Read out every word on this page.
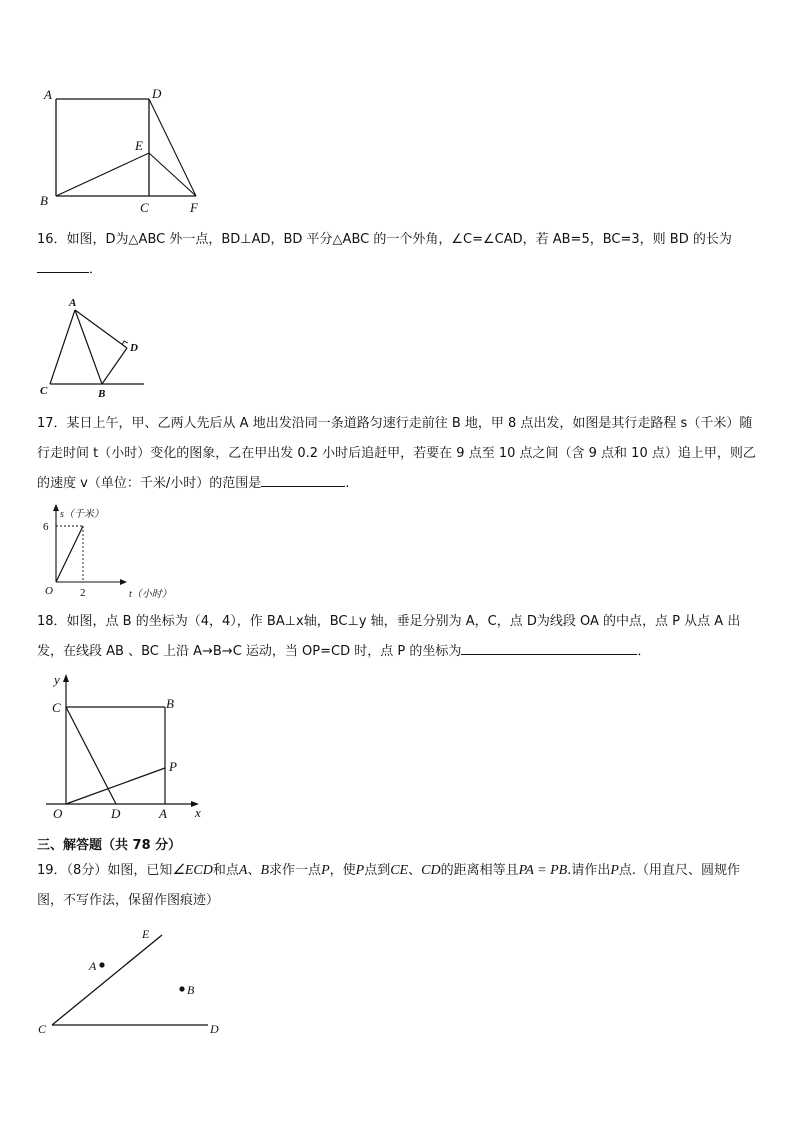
A	D
E
B	C	F
16．如图，D为△ABC 外一点，BD⊥AD，BD 平分△ABC 的一个外角，∠C=∠CAD，若 AB=5，BC=3，则 BD 的长为．
A
D
C	B
17．某日上午，甲、乙两人先后从 A 地出发沿同一条道路匀速行走前往 B 地，甲 8 点出发，如图是其行走路程 s（千米）随行走时间 t（小时）变化的图象，乙在甲出发 0.2 小时后追赶甲，若要在 9 点至 10 点之间（含 9 点和 10 点）追上甲，则乙的速度 v（单位：千米/小时）的范围是	.
s（千米）
t（小时）
O
6
2
18．如图，点 B 的坐标为（4，4），作 BA⊥x轴，BC⊥y 轴，垂足分别为 A，C，点 D为线段 OA 的中点，点 P 从点 A 出发，在线段 AB 、BC 上沿 A→B→C 运动，当 OP=CD 时，点 P 的坐标为	．
y
x
C	B
P
O	D	A
三、解答题（共 78 分）
19．（8分）如图，已知∠ECD和点A、B求作一点P，使P点到CE、CD的距离相等且PA = PB.请作出P点.（用直尺、圆规作图，不写作法，保留作图痕迹）
E
A
B
C	D
